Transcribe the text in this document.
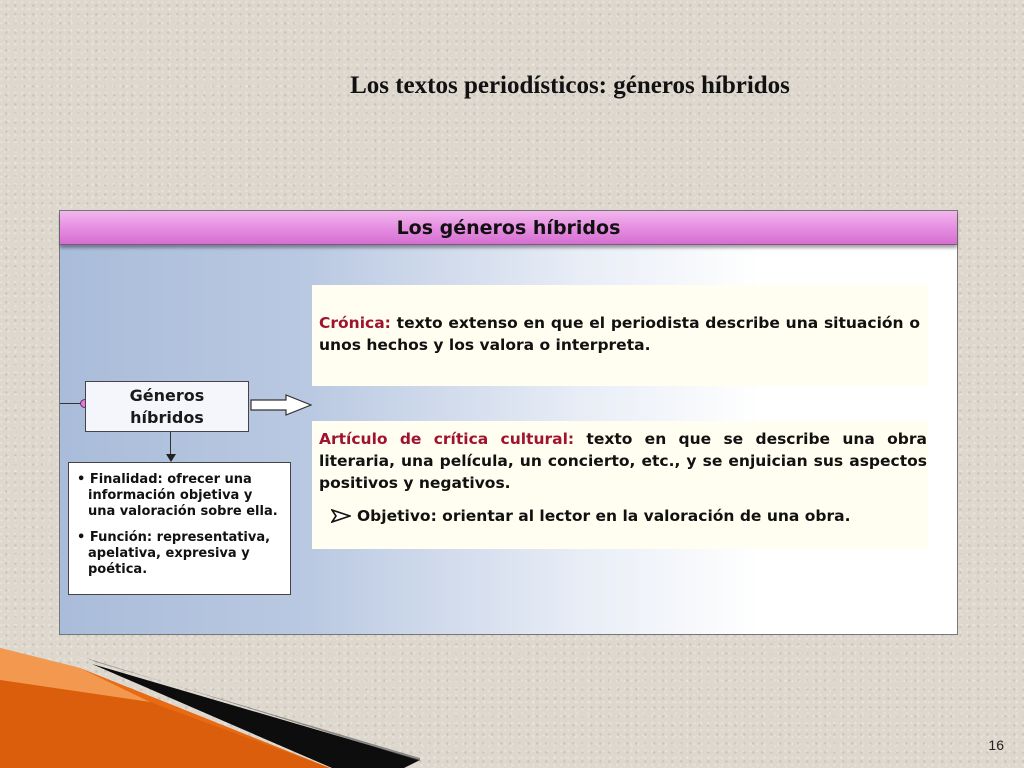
Los textos periodísticos: géneros híbridos
Los géneros híbridos
Géneros
híbridos
• Finalidad: ofrecer una información objetiva y una valoración sobre ella.
• Función: representativa, apelativa, expresiva y poética.
Crónica: texto extenso en que el periodista describe una situación o unos hechos y los valora o interpreta.
Artículo de crítica cultural: texto en que se describe una obra literaria, una película, un concierto, etc., y se enjuician sus aspectos positivos y negativos.
Objetivo: orientar al lector en la valoración de una obra.
16
